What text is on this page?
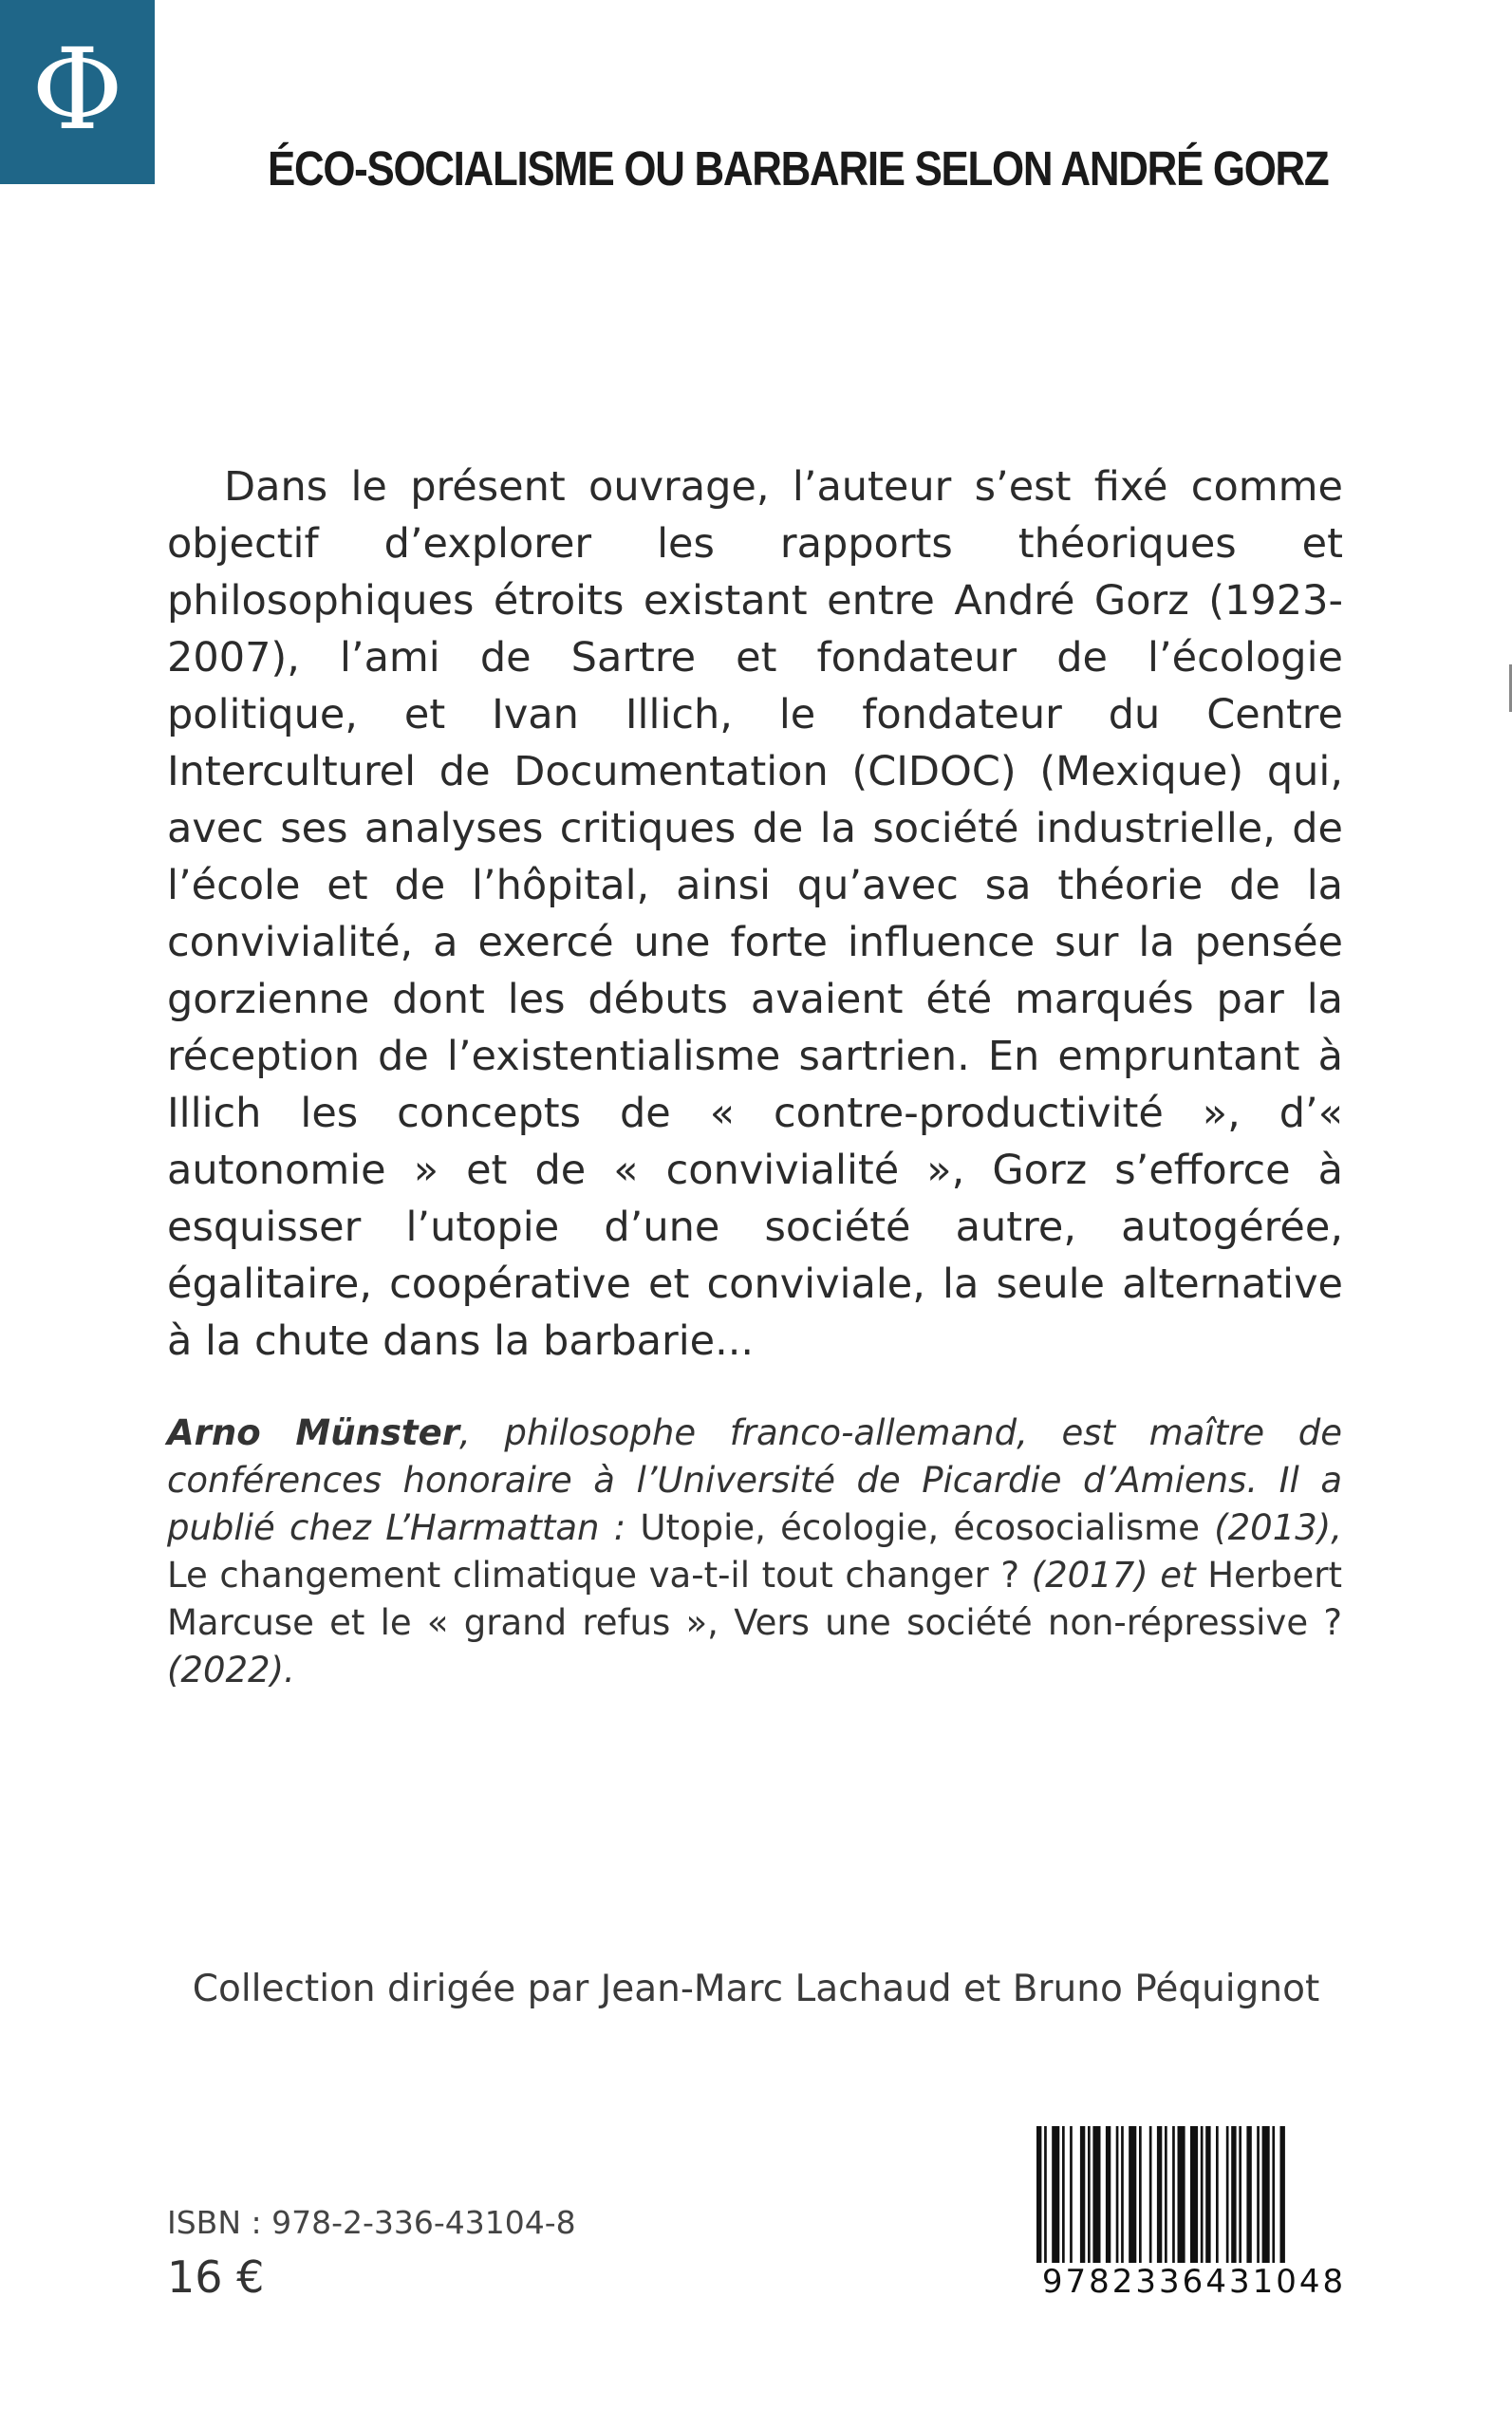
Φ
ÉCO-SOCIALISME OU BARBARIE SELON ANDRÉ GORZ

Dans le présent ouvrage, l’auteur s’est fixé comme objectif d’explorer les rapports théoriques et philosophiques étroits existant entre André Gorz (1923-2007), l’ami de Sartre et fondateur de l’écologie politique, et Ivan Illich, le fondateur du Centre Interculturel de Documentation (CIDOC) (Mexique) qui, avec ses analyses critiques de la société industrielle, de l’école et de l’hôpital, ainsi qu’avec sa théorie de la convivialité, a exercé une forte influence sur la pensée gorzienne dont les débuts avaient été marqués par la réception de l’existentialisme sartrien. En empruntant à Illich les concepts de « contre-productivité », d’« autonomie » et de « convivialité », Gorz s’efforce à esquisser l’utopie d’une société autre, autogérée, égalitaire, coopérative et conviviale, la seule alternative à la chute dans la barbarie...

Arno Münster, philosophe franco-allemand, est maître de conférences honoraire à l’Université de Picardie d’Amiens. Il a publié chez L’Harmattan : Utopie, écologie, écosocialisme (2013), Le changement climatique va-t-il tout changer ? (2017) et Herbert Marcuse et le « grand refus », Vers une société non-répressive ? (2022).

Collection dirigée par Jean-Marc Lachaud et Bruno Péquignot
ISBN : 978-2-336-43104-8
16 €	9782336431048
